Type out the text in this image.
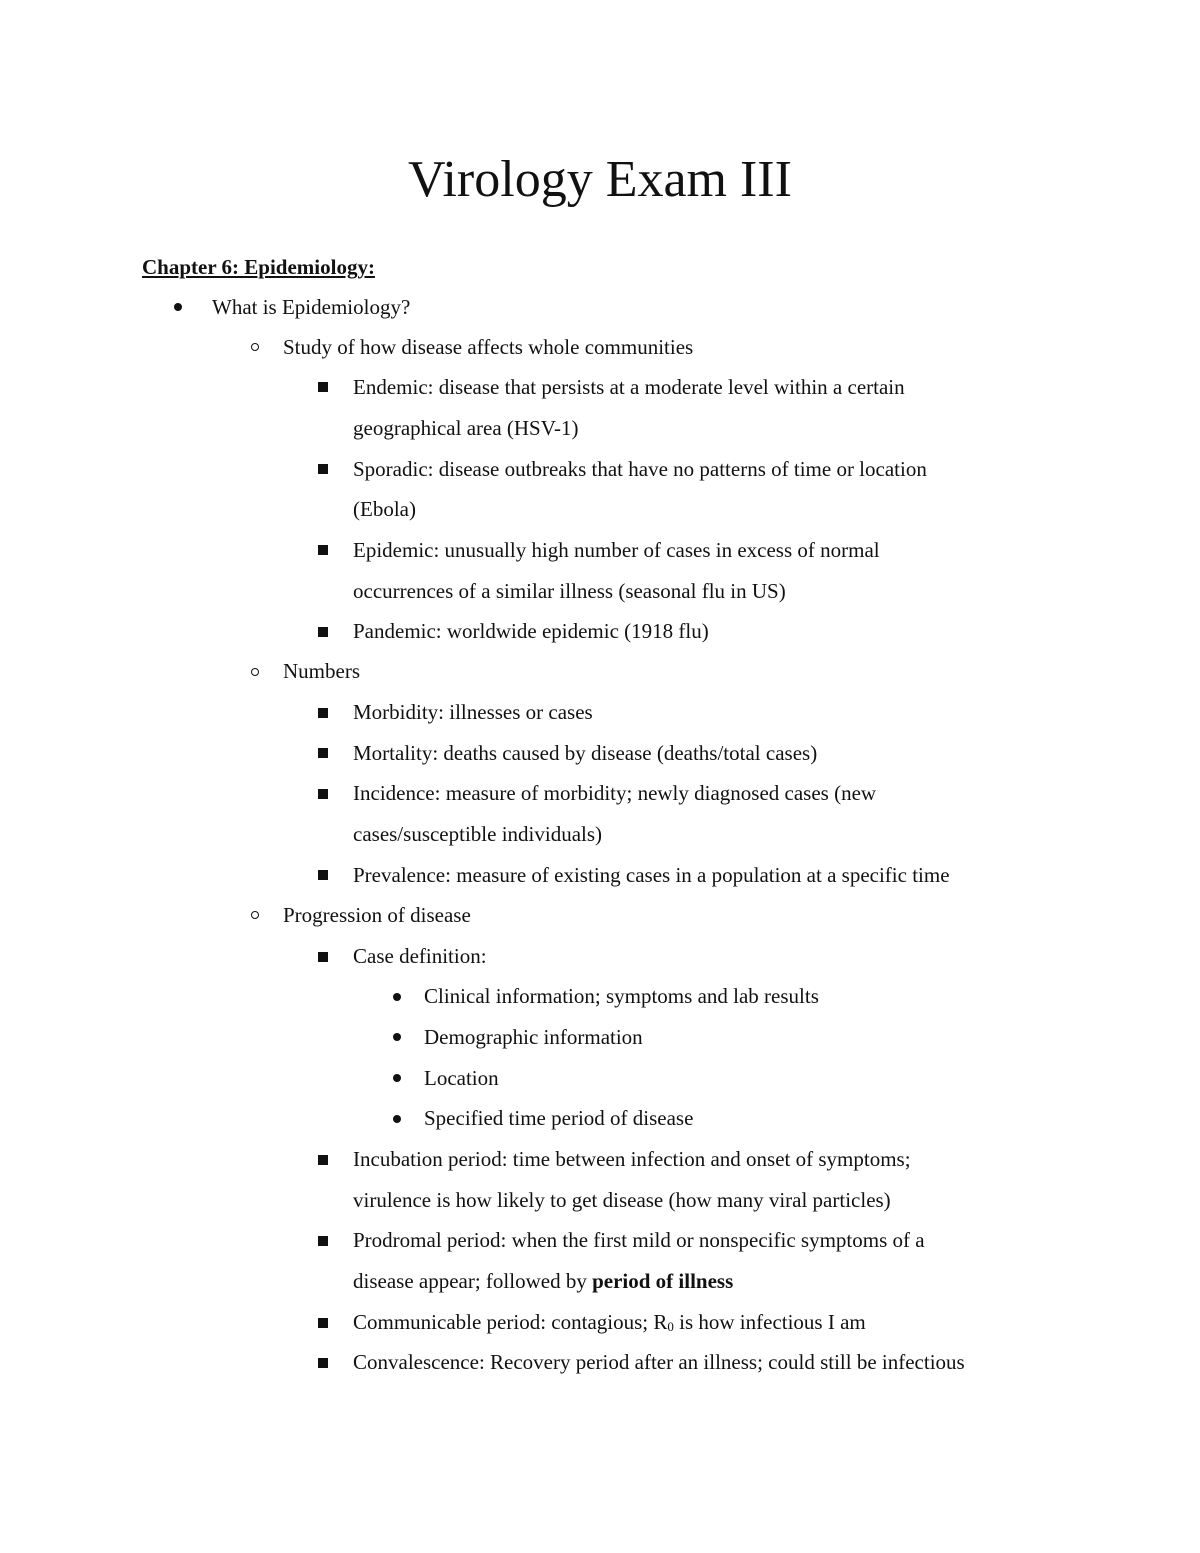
Virology Exam III
Chapter 6: Epidemiology:
What is Epidemiology?
Study of how disease affects whole communities
Endemic: disease that persists at a moderate level within a certain
geographical area (HSV-1)
Sporadic: disease outbreaks that have no patterns of time or location
(Ebola)
Epidemic: unusually high number of cases in excess of normal
occurrences of a similar illness (seasonal flu in US)
Pandemic: worldwide epidemic (1918 flu)
Numbers
Morbidity: illnesses or cases
Mortality: deaths caused by disease (deaths/total cases)
Incidence: measure of morbidity; newly diagnosed cases (new
cases/susceptible individuals)
Prevalence: measure of existing cases in a population at a specific time
Progression of disease
Case definition:
Clinical information; symptoms and lab results
Demographic information
Location
Specified time period of disease
Incubation period: time between infection and onset of symptoms;
virulence is how likely to get disease (how many viral particles)
Prodromal period: when the first mild or nonspecific symptoms of a
disease appear; followed by period of illness
Communicable period: contagious; $R_0$ is how infectious I am
Convalescence: Recovery period after an illness; could still be infectious
